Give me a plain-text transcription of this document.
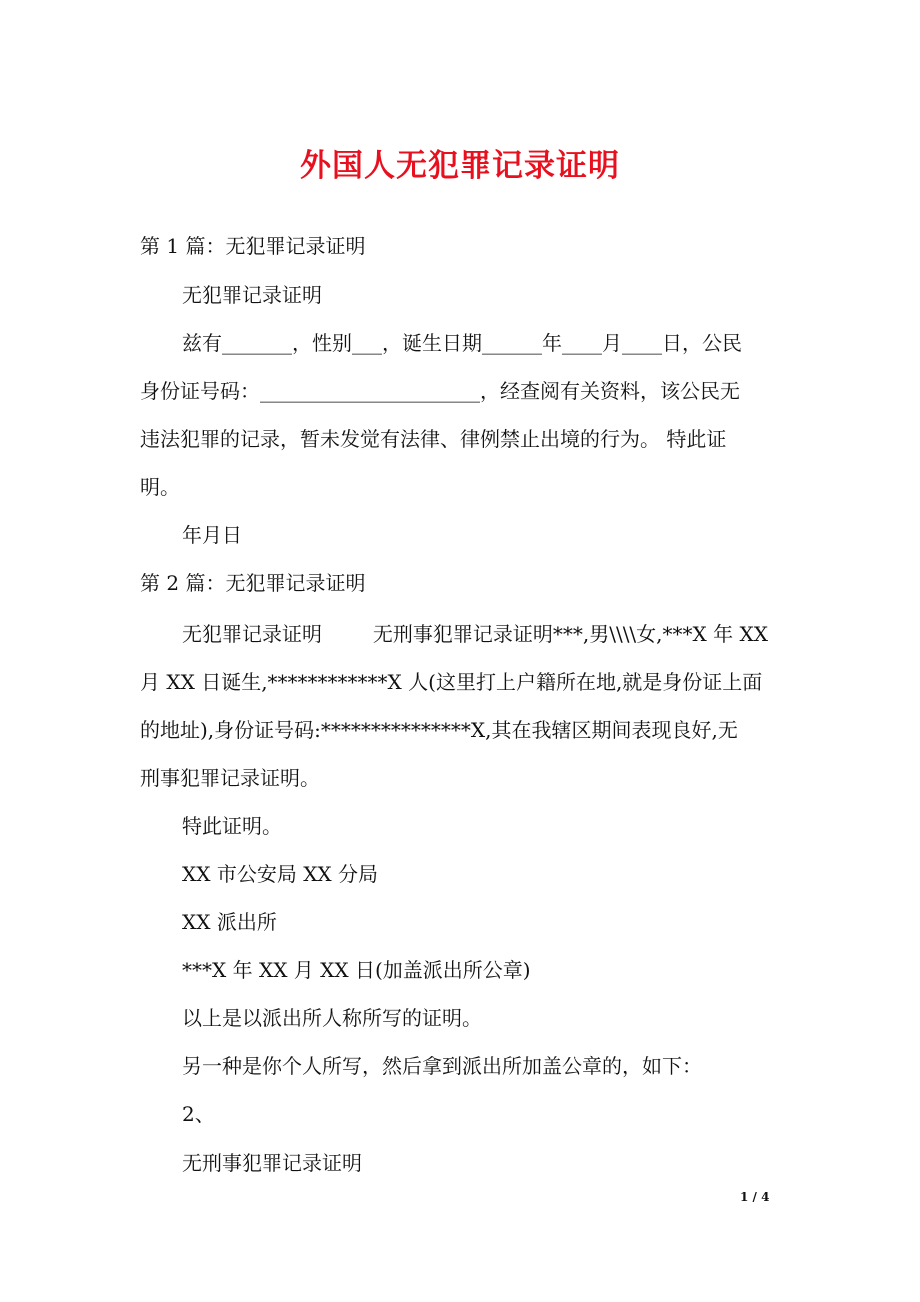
外国人无犯罪记录证明
第 1 篇：无犯罪记录证明
无犯罪记录证明
兹有_______，性别___，诞生日期______年____月____日，公民
身份证号码：______________________，经查阅有关资料，该公民无
违法犯罪的记录，暂未发觉有法律、律例禁止出境的行为。 特此证
明。
年月日
第 2 篇：无犯罪记录证明
无犯罪记录证明        无刑事犯罪记录证明***,男\\\\女,***X 年 XX
月 XX 日诞生,************X 人(这里打上户籍所在地,就是身份证上面
的地址),身份证号码:***************X,其在我辖区期间表现良好,无
刑事犯罪记录证明。
特此证明。
XX 市公安局 XX 分局
XX 派出所
***X 年 XX 月 XX 日(加盖派出所公章)
以上是以派出所人称所写的证明。
另一种是你个人所写，然后拿到派出所加盖公章的，如下：
2、
无刑事犯罪记录证明
1 / 4
